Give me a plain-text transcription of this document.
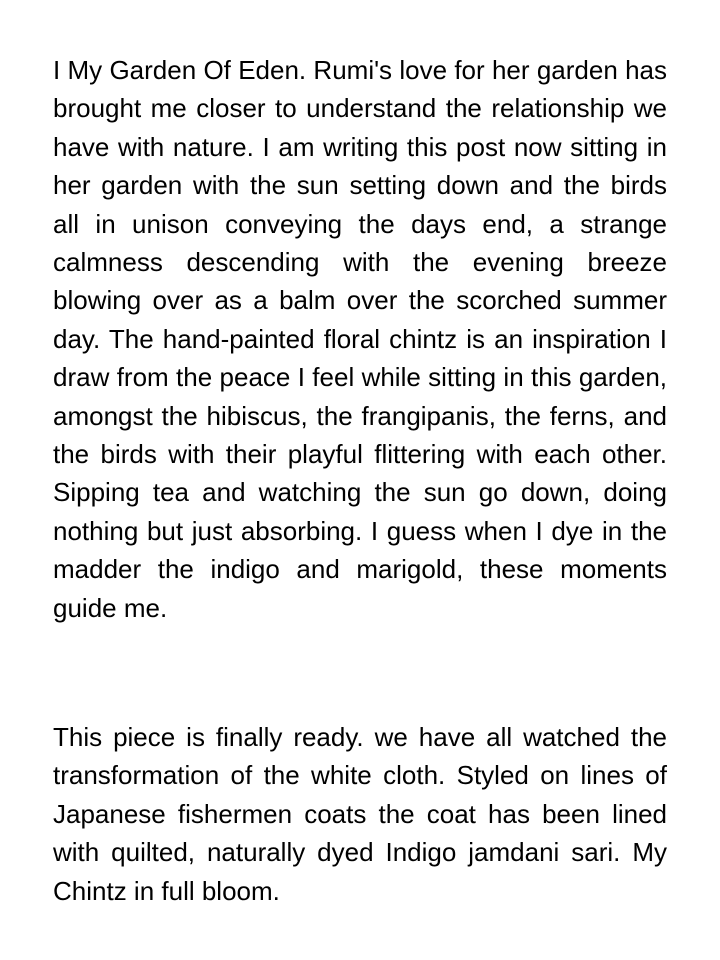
I My Garden Of Eden. Rumi's love for her garden has brought me closer to understand the relationship we have with nature. I am writing this post now sitting in her garden with the sun setting down and the birds all in unison conveying the days end, a strange calmness descending with the evening breeze blowing over as a balm over the scorched summer day. The hand-painted floral chintz is an inspiration I draw from the peace I feel while sitting in this garden, amongst the hibiscus, the frangipanis, the ferns, and the birds with their playful flittering with each other. Sipping tea and watching the sun go down, doing nothing but just absorbing. I guess when I dye in the madder the indigo and marigold, these moments guide me.

This piece is finally ready. we have all watched the transformation of the white cloth. Styled on lines of Japanese fishermen coats the coat has been lined with quilted, naturally dyed Indigo jamdani sari. My Chintz in full bloom.
